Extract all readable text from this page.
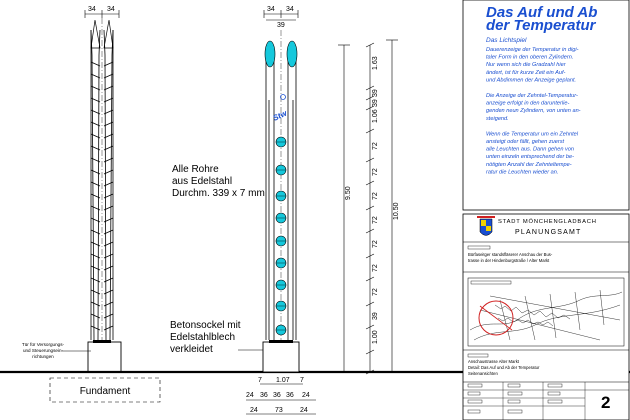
34 34
Tür für Versorgungs-
und Steuerungsein-
richtungen
Fundament
Alle Rohre
aus Edelstahl
Durchm. 339 x 7 mm
Betonsockel mit
Edelstahlblech
verkleidet
34 34
39
Stw
7 1.07 7
24 36 36 36 24
24 73 24
1.63
39
39
1.06
72
72
72
72
72
72
72
39
1.00
9.50
10.50
Das Auf und Ab
der Temperatur
Das Lichtspiel
Dauerenzeige der Temperatur in digi-
taler Form in den oberen Zylindern.
Nur wenn sich die Gradzahl hier
ändert, ist für kurze Zeit ein Auf-
und Abdimmen der Anzeige geplant.
Die Anzeige der Zehntel-Temperatur-
anzeige erfolgt in den darunterlie-
genden neun Zylindern, von unten an-
steigend.
Wenn die Temperatur um ein Zehntel
ansteigt oder fällt, gehen zuerst
alle Leuchten aus. Dann gehen von
unten einzeln entsprechend der be-
nötigten Anzahl der Zehnteltempe-
ratur die Leuchten wieder an.
STADT MÖNCHENGLADBACH
PLANUNGSAMT
Bürfaseitger standsfläserer Anschau der Bus-
trasse in der Hindenburgstraße / Alter Markt
Anschaustrasse Alter Markt
Detail: Das Auf und Ab der Temperatur
Seitenansichten
2
